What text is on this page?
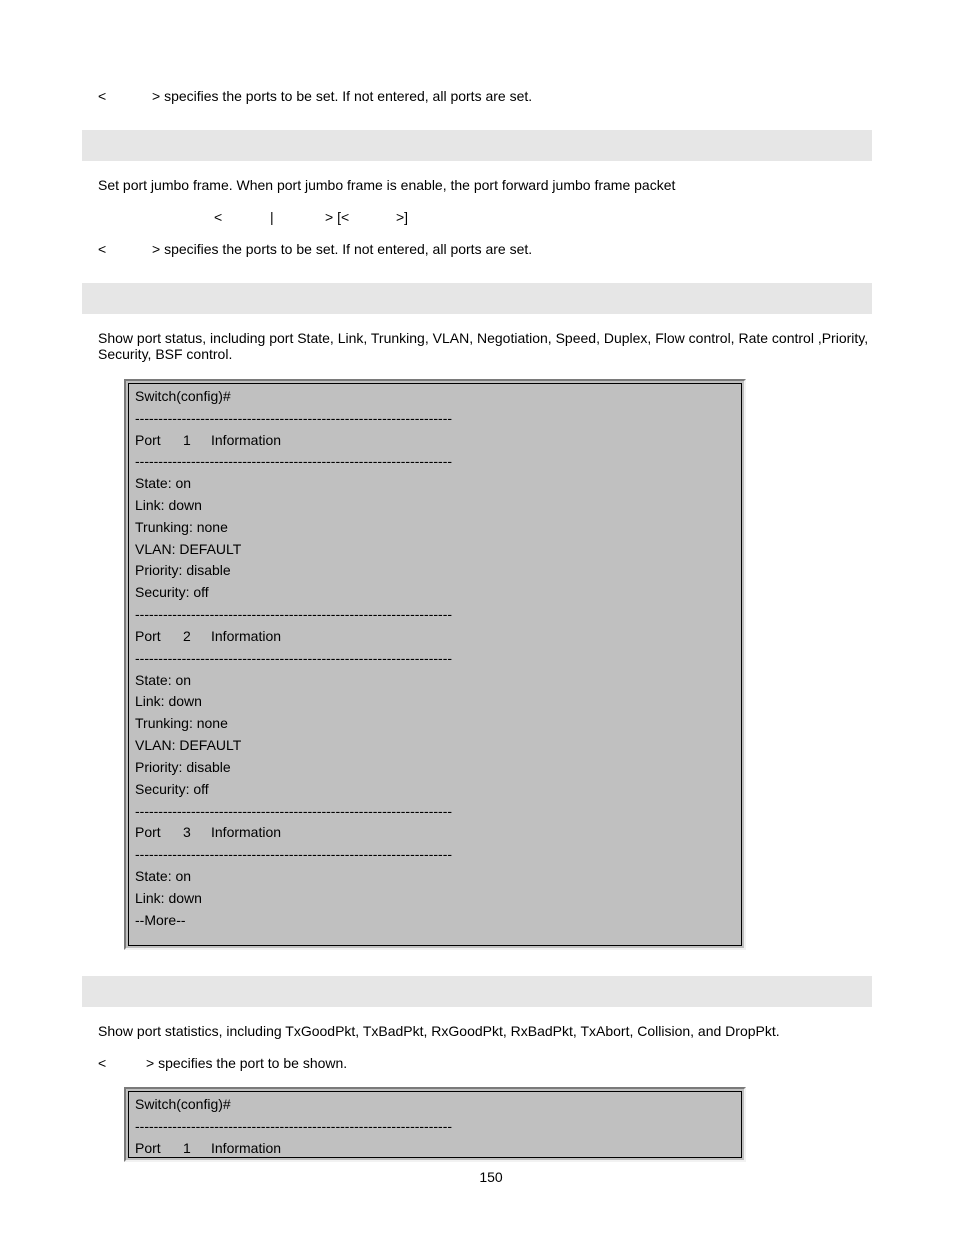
<	> specifies the ports to be set. If not entered, all ports are set.
Set port jumbo frame. When port jumbo frame is enable, the port forward jumbo frame packet
<	|	> [<	>]
<	> specifies the ports to be set. If not entered, all ports are set.
Show port status, including port State, Link, Trunking, VLAN, Negotiation, Speed, Duplex, Flow control, Rate control ,Priority,
Security, BSF control.
Switch(config)#
--------------------------------------------------------------------
Port 1 Information
--------------------------------------------------------------------
State: on
Link: down
Trunking: none
VLAN: DEFAULT
Priority: disable
Security: off
--------------------------------------------------------------------
Port 2 Information
--------------------------------------------------------------------
State: on
Link: down
Trunking: none
VLAN: DEFAULT
Priority: disable
Security: off
--------------------------------------------------------------------
Port 3 Information
--------------------------------------------------------------------
State: on
Link: down
--More--
Show port statistics, including TxGoodPkt, TxBadPkt, RxGoodPkt, RxBadPkt, TxAbort, Collision, and DropPkt.
<	> specifies the port to be shown.
Switch(config)#
--------------------------------------------------------------------
Port 1 Information
150
